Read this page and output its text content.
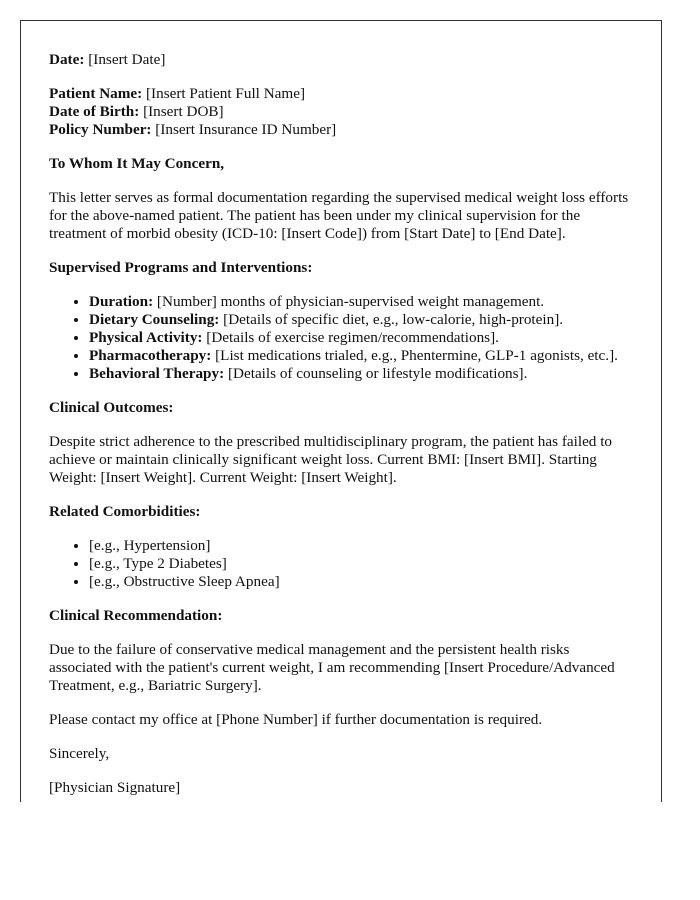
Date: [Insert Date]

Patient Name: [Insert Patient Full Name]

Date of Birth: [Insert DOB]

Policy Number: [Insert Insurance ID Number]

To Whom It May Concern,

This letter serves as formal documentation regarding the supervised medical weight loss efforts for the above-named patient. The patient has been under my clinical supervision for the treatment of morbid obesity (ICD-10: [Insert Code]) from [Start Date] to [End Date].

Supervised Programs and Interventions:

• Duration: [Number] months of physician-supervised weight management.
• Dietary Counseling: [Details of specific diet, e.g., low-calorie, high-protein].
• Physical Activity: [Details of exercise regimen/recommendations].
• Pharmacotherapy: [List medications trialed, e.g., Phentermine, GLP-1 agonists, etc.].
• Behavioral Therapy: [Details of counseling or lifestyle modifications].

Clinical Outcomes:

Despite strict adherence to the prescribed multidisciplinary program, the patient has failed to achieve or maintain clinically significant weight loss. Current BMI: [Insert BMI]. Starting Weight: [Insert Weight]. Current Weight: [Insert Weight].

Related Comorbidities:

• [e.g., Hypertension]
• [e.g., Type 2 Diabetes]
• [e.g., Obstructive Sleep Apnea]

Clinical Recommendation:

Due to the failure of conservative medical management and the persistent health risks associated with the patient's current weight, I am recommending [Insert Procedure/Advanced Treatment, e.g., Bariatric Surgery].

Please contact my office at [Phone Number] if further documentation is required.

Sincerely,

[Physician Signature]
